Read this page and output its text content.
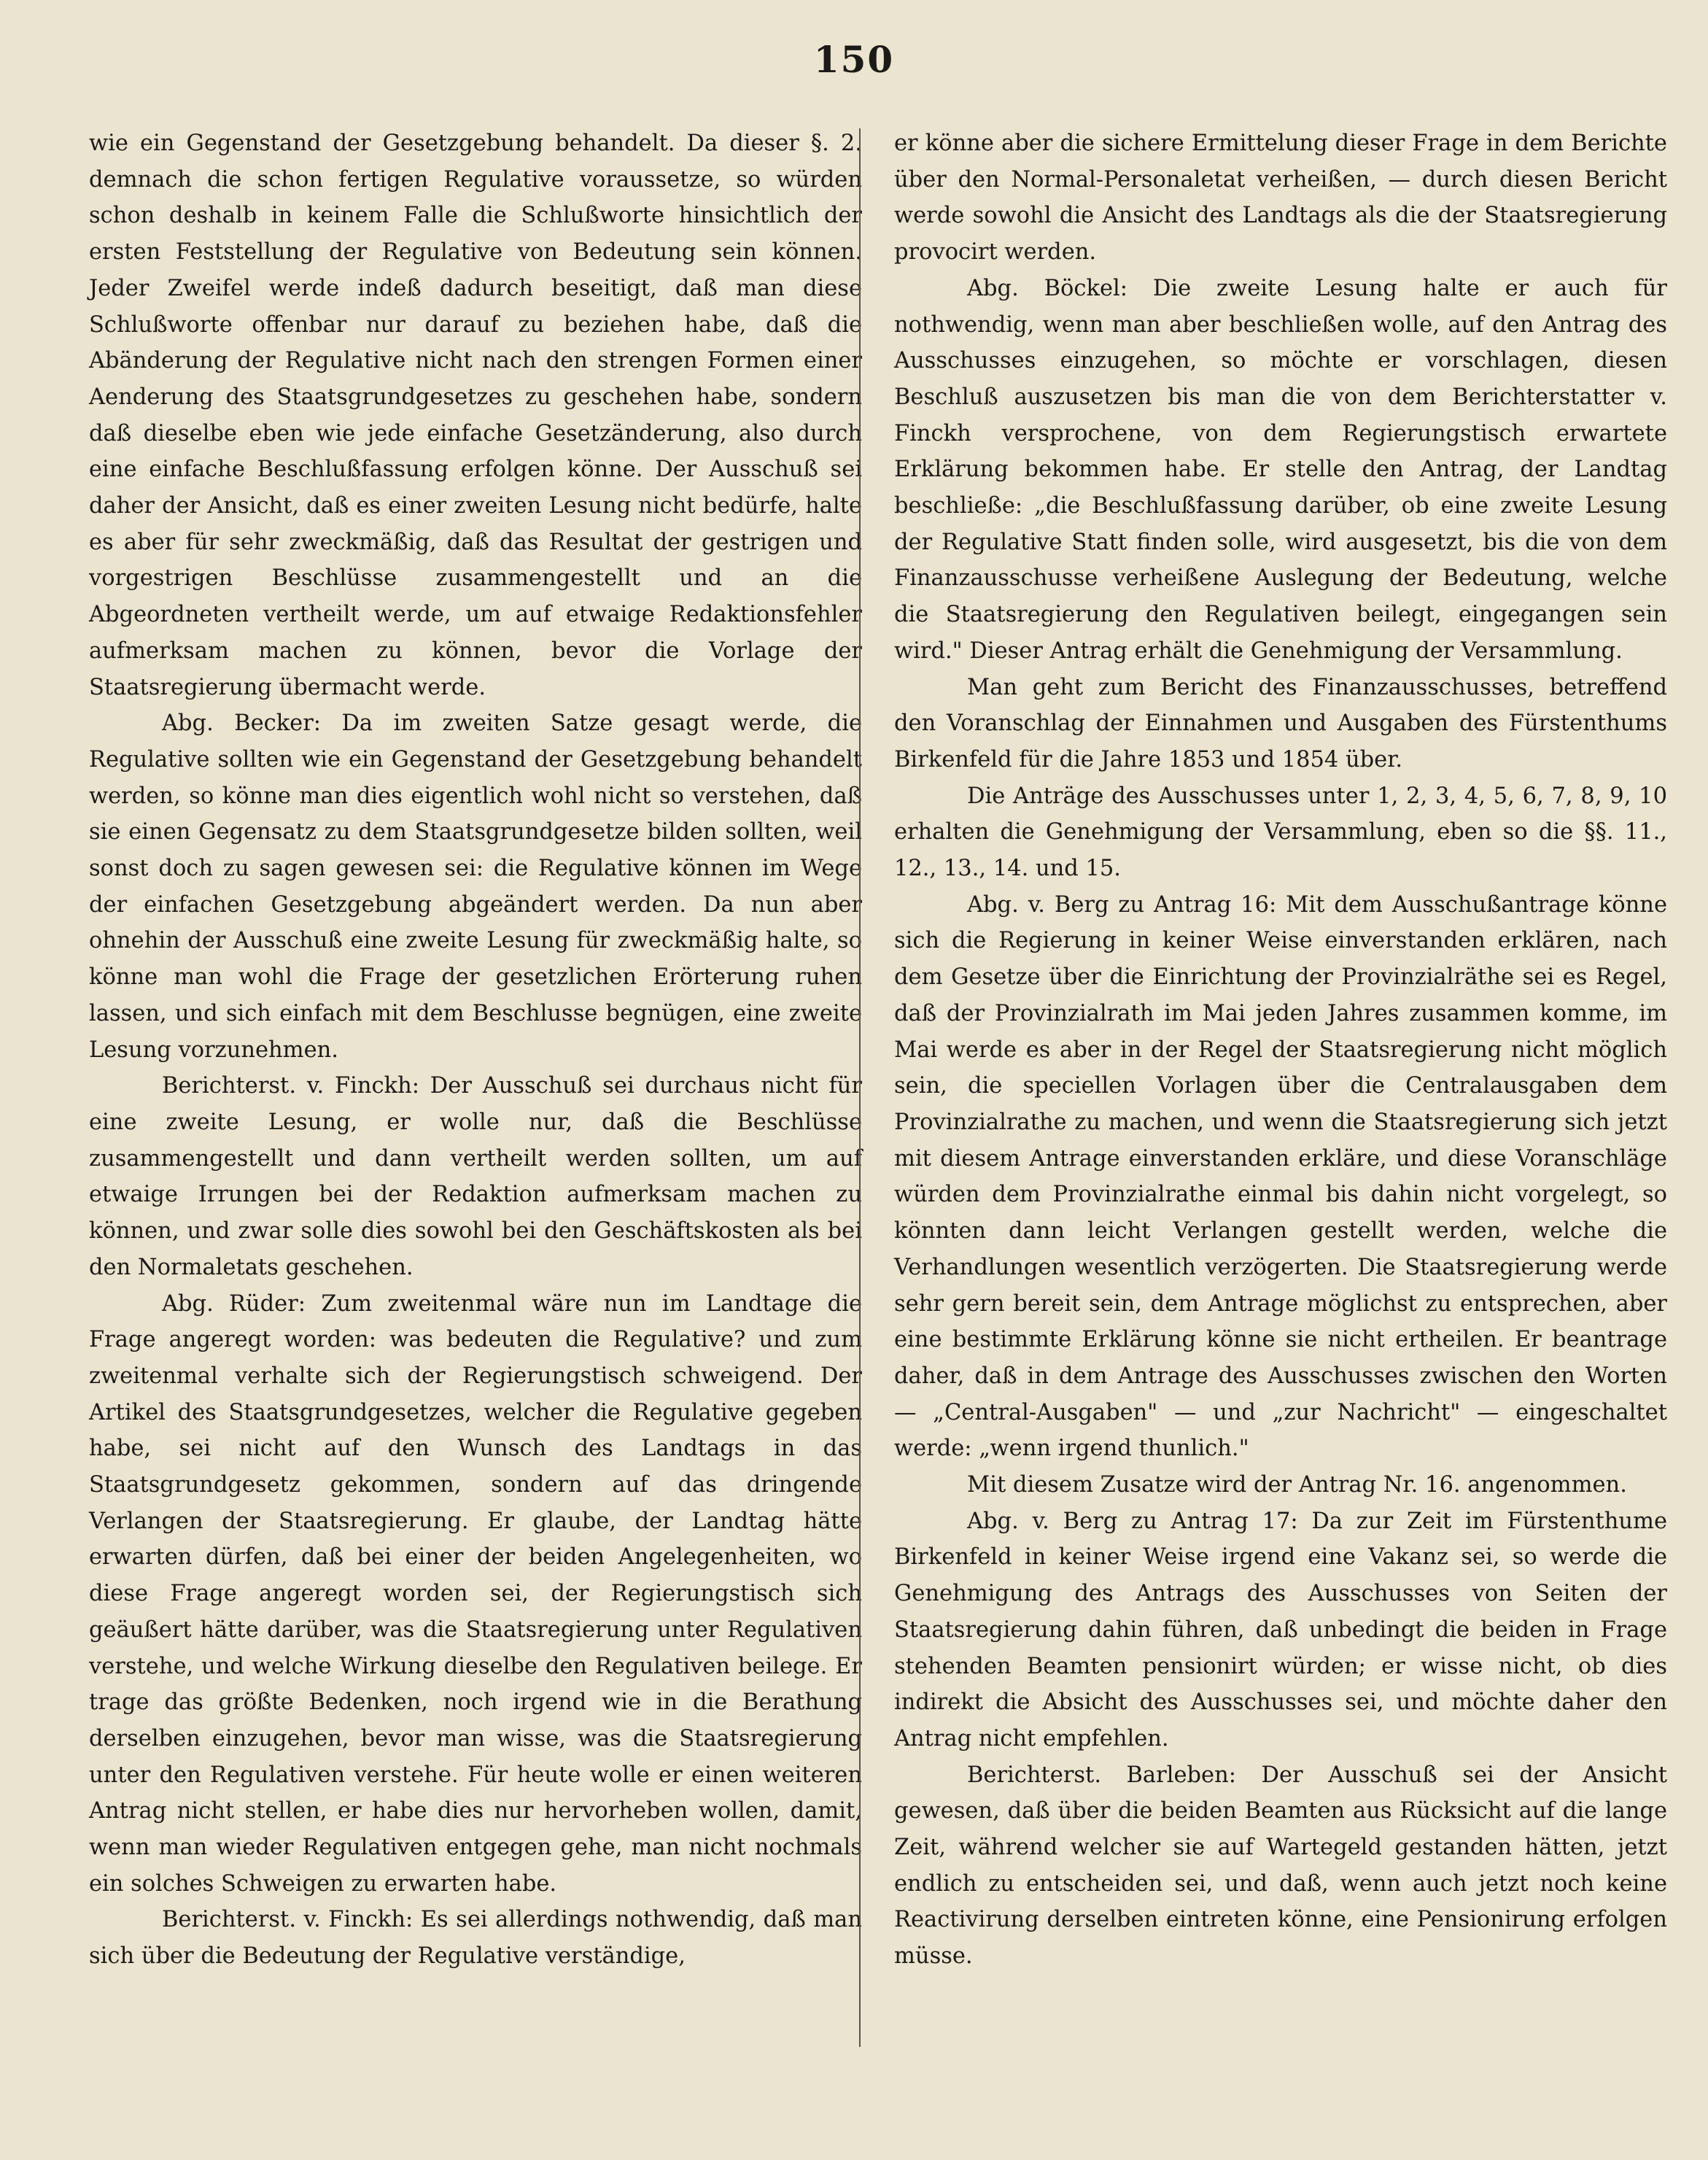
150

wie ein Gegenstand der Gesetzgebung behandelt. Da dieser §. 2. demnach die schon fertigen Regulative voraussetze, so würden schon deshalb in keinem Falle die Schlußworte hinsichtlich der ersten Feststellung der Regulative von Bedeutung sein können. Jeder Zweifel werde indeß dadurch beseitigt, daß man diese Schlußworte offenbar nur darauf zu beziehen habe, daß die Abänderung der Regulative nicht nach den strengen Formen einer Aenderung des Staatsgrundgesetzes zu geschehen habe, sondern daß dieselbe eben wie jede einfache Gesetzänderung, also durch eine einfache Beschlußfassung erfolgen könne. Der Ausschuß sei daher der Ansicht, daß es einer zweiten Lesung nicht bedürfe, halte es aber für sehr zweckmäßig, daß das Resultat der gestrigen und vorgestrigen Beschlüsse zusammengestellt und an die Abgeordneten vertheilt werde, um auf etwaige Redaktionsfehler aufmerksam machen zu können, bevor die Vorlage der Staatsregierung übermacht werde.

Abg. Becker: Da im zweiten Satze gesagt werde, die Regulative sollten wie ein Gegenstand der Gesetzgebung behandelt werden, so könne man dies eigentlich wohl nicht so verstehen, daß sie einen Gegensatz zu dem Staatsgrundgesetze bilden sollten, weil sonst doch zu sagen gewesen sei: die Regulative können im Wege der einfachen Gesetzgebung abgeändert werden. Da nun aber ohnehin der Ausschuß eine zweite Lesung für zweckmäßig halte, so könne man wohl die Frage der gesetzlichen Erörterung ruhen lassen, und sich einfach mit dem Beschlusse begnügen, eine zweite Lesung vorzunehmen.

Berichterst. v. Finckh: Der Ausschuß sei durchaus nicht für eine zweite Lesung, er wolle nur, daß die Beschlüsse zusammengestellt und dann vertheilt werden sollten, um auf etwaige Irrungen bei der Redaktion aufmerksam machen zu können, und zwar solle dies sowohl bei den Geschäftskosten als bei den Normaletats geschehen.

Abg. Rüder: Zum zweitenmal wäre nun im Landtage die Frage angeregt worden: was bedeuten die Regulative? und zum zweitenmal verhalte sich der Regierungstisch schweigend. Der Artikel des Staatsgrundgesetzes, welcher die Regulative gegeben habe, sei nicht auf den Wunsch des Landtags in das Staatsgrundgesetz gekommen, sondern auf das dringende Verlangen der Staatsregierung. Er glaube, der Landtag hätte erwarten dürfen, daß bei einer der beiden Angelegenheiten, wo diese Frage angeregt worden sei, der Regierungstisch sich geäußert hätte darüber, was die Staatsregierung unter Regulativen verstehe, und welche Wirkung dieselbe den Regulativen beilege. Er trage das größte Bedenken, noch irgend wie in die Berathung derselben einzugehen, bevor man wisse, was die Staatsregierung unter den Regulativen verstehe. Für heute wolle er einen weiteren Antrag nicht stellen, er habe dies nur hervorheben wollen, damit, wenn man wieder Regulativen entgegen gehe, man nicht nochmals ein solches Schweigen zu erwarten habe.

Berichterst. v. Finckh: Es sei allerdings nothwendig, daß man sich über die Bedeutung der Regulative verständige,

er könne aber die sichere Ermittelung dieser Frage in dem Berichte über den Normal-Personaletat verheißen, — durch diesen Bericht werde sowohl die Ansicht des Landtags als die der Staatsregierung provocirt werden.

Abg. Böckel: Die zweite Lesung halte er auch für nothwendig, wenn man aber beschließen wolle, auf den Antrag des Ausschusses einzugehen, so möchte er vorschlagen, diesen Beschluß auszusetzen bis man die von dem Berichterstatter v. Finckh versprochene, von dem Regierungstisch erwartete Erklärung bekommen habe. Er stelle den Antrag, der Landtag beschließe: „die Beschlußfassung darüber, ob eine zweite Lesung der Regulative Statt finden solle, wird ausgesetzt, bis die von dem Finanzausschusse verheißene Auslegung der Bedeutung, welche die Staatsregierung den Regulativen beilegt, eingegangen sein wird." Dieser Antrag erhält die Genehmigung der Versammlung.

Man geht zum Bericht des Finanzausschusses, betreffend den Voranschlag der Einnahmen und Ausgaben des Fürstenthums Birkenfeld für die Jahre 1853 und 1854 über.

Die Anträge des Ausschusses unter 1, 2, 3, 4, 5, 6, 7, 8, 9, 10 erhalten die Genehmigung der Versammlung, eben so die §§. 11., 12., 13., 14. und 15.

Abg. v. Berg zu Antrag 16: Mit dem Ausschußantrage könne sich die Regierung in keiner Weise einverstanden erklären, nach dem Gesetze über die Einrichtung der Provinzialräthe sei es Regel, daß der Provinzialrath im Mai jeden Jahres zusammen komme, im Mai werde es aber in der Regel der Staatsregierung nicht möglich sein, die speciellen Vorlagen über die Centralausgaben dem Provinzialrathe zu machen, und wenn die Staatsregierung sich jetzt mit diesem Antrage einverstanden erkläre, und diese Voranschläge würden dem Provinzialrathe einmal bis dahin nicht vorgelegt, so könnten dann leicht Verlangen gestellt werden, welche die Verhandlungen wesentlich verzögerten. Die Staatsregierung werde sehr gern bereit sein, dem Antrage möglichst zu entsprechen, aber eine bestimmte Erklärung könne sie nicht ertheilen. Er beantrage daher, daß in dem Antrage des Ausschusses zwischen den Worten — „Central-Ausgaben" — und „zur Nachricht" — eingeschaltet werde: „wenn irgend thunlich."

Mit diesem Zusatze wird der Antrag Nr. 16. angenommen.

Abg. v. Berg zu Antrag 17: Da zur Zeit im Fürstenthume Birkenfeld in keiner Weise irgend eine Vakanz sei, so werde die Genehmigung des Antrags des Ausschusses von Seiten der Staatsregierung dahin führen, daß unbedingt die beiden in Frage stehenden Beamten pensionirt würden; er wisse nicht, ob dies indirekt die Absicht des Ausschusses sei, und möchte daher den Antrag nicht empfehlen.

Berichterst. Barleben: Der Ausschuß sei der Ansicht gewesen, daß über die beiden Beamten aus Rücksicht auf die lange Zeit, während welcher sie auf Wartegeld gestanden hätten, jetzt endlich zu entscheiden sei, und daß, wenn auch jetzt noch keine Reactivirung derselben eintreten könne, eine Pensionirung erfolgen müsse.
